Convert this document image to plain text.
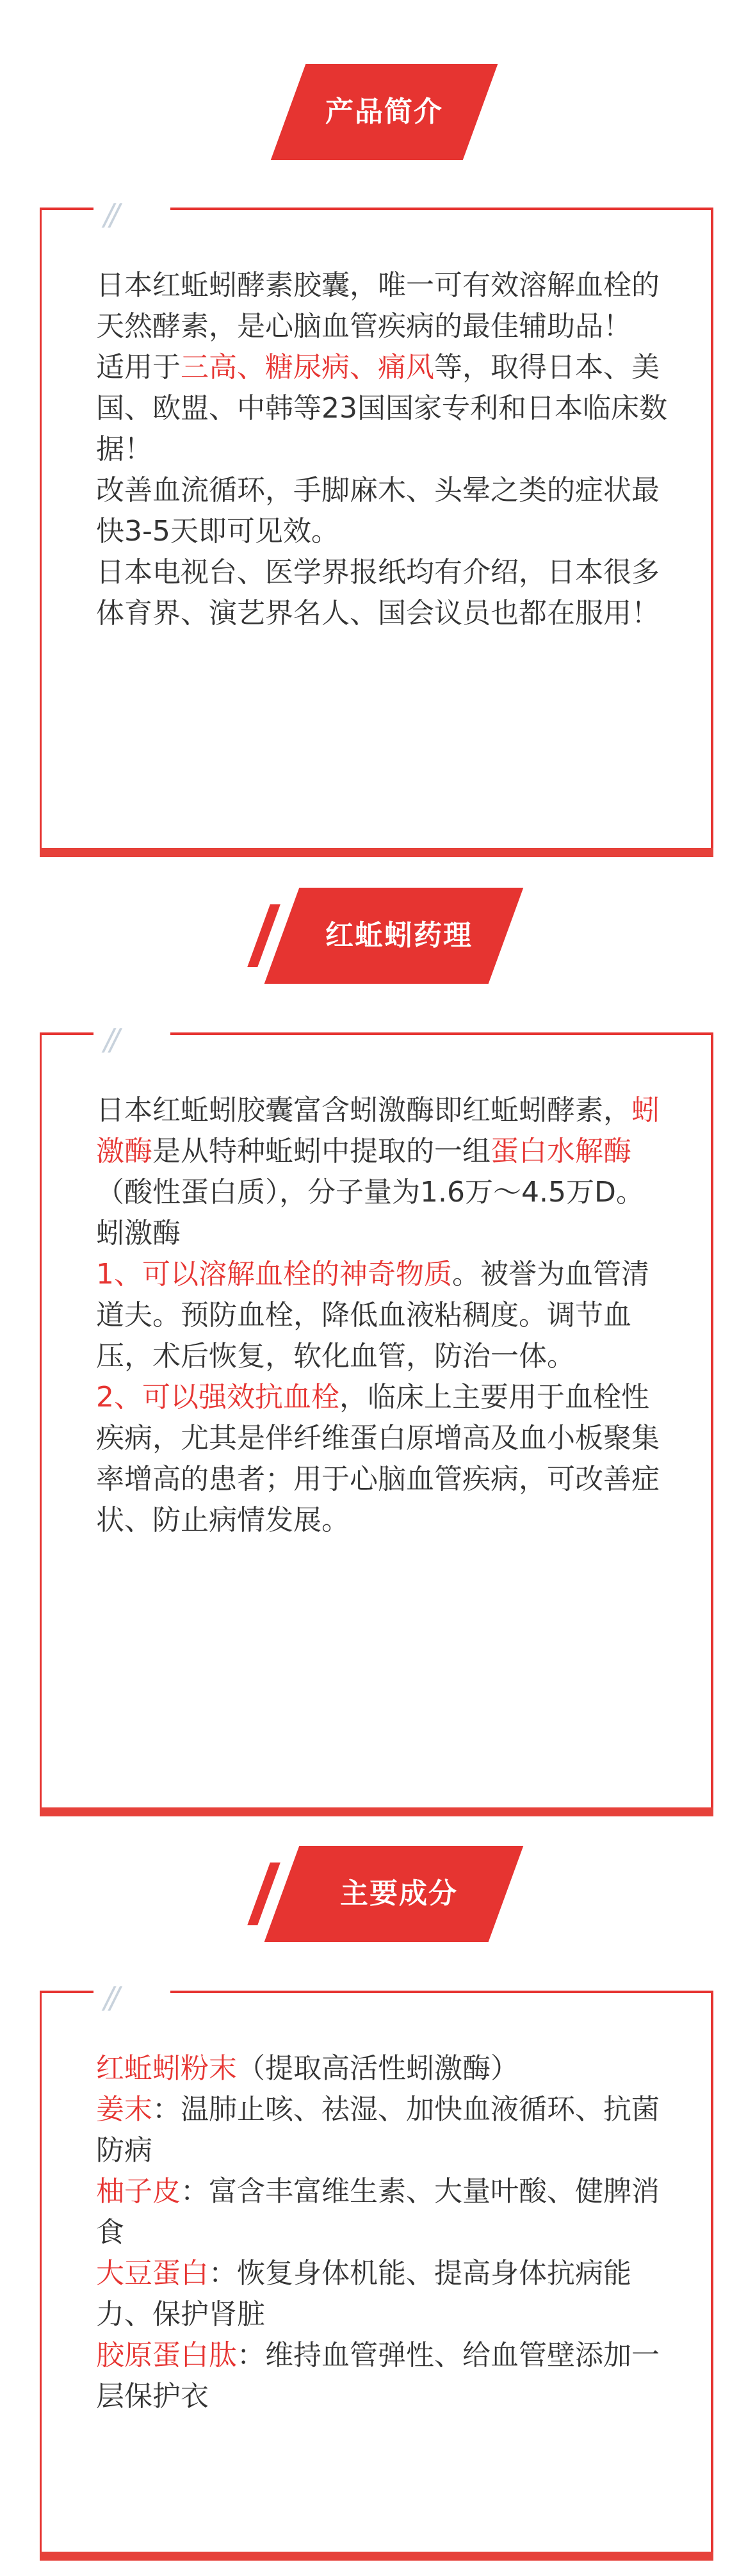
产品简介
//

日本红蚯蚓酵素胶囊，唯一可有效溶解血栓的天然酵素，是心脑血管疾病的最佳辅助品！

适用于三高、糖尿病、痛风等，取得日本、美国、欧盟、中韩等23国国家专利和日本临床数据！

改善血流循环，手脚麻木、头晕之类的症状最快3-5天即可见效。

日本电视台、医学界报纸均有介绍，日本很多体育界、演艺界名人、国会议员也都在服用！

红蚯蚓药理
//

日本红蚯蚓胶囊富含蚓激酶即红蚯蚓酵素，蚓激酶是从特种蚯蚓中提取的一组蛋白水解酶（酸性蛋白质），分子量为1.6万～4.5万D。

蚓激酶

1、可以溶解血栓的神奇物质。被誉为血管清道夫。预防血栓，降低血液粘稠度。调节血压，术后恢复，软化血管，防治一体。

2、可以强效抗血栓，临床上主要用于血栓性疾病，尤其是伴纤维蛋白原增高及血小板聚集率增高的患者；用于心脑血管疾病，可改善症状、防止病情发展。

主要成分
//

红蚯蚓粉末（提取高活性蚓激酶）

姜末：温肺止咳、祛湿、加快血液循环、抗菌防病

柚子皮：富含丰富维生素、大量叶酸、健脾消食

大豆蛋白：恢复身体机能、提高身体抗病能力、保护肾脏

胶原蛋白肽：维持血管弹性、给血管壁添加一层保护衣
